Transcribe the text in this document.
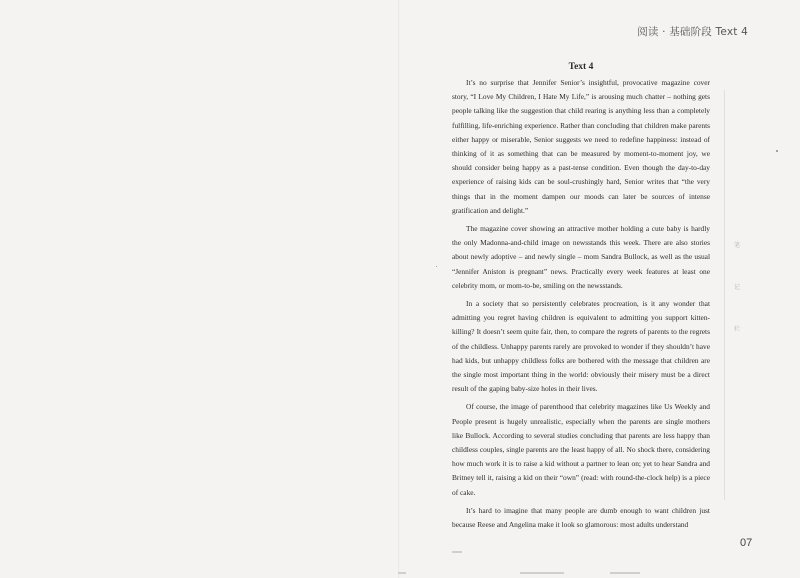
阅读 · 基础阶段 Text 4
Text 4

It’s no surprise that Jennifer Senior’s insightful, provocative magazine cover story, “I Love My Children, I Hate My Life,” is arousing much chatter – nothing gets people talking like the suggestion that child rearing is anything less than a completely fulfilling, life-enriching experience. Rather than concluding that children make parents either happy or miserable, Senior suggests we need to redefine happiness: instead of thinking of it as something that can be measured by moment-to-moment joy, we should consider being happy as a past-tense condition. Even though the day-to-day experience of raising kids can be soul-crushingly hard, Senior writes that “the very things that in the moment dampen our moods can later be sources of intense gratification and delight.”

The magazine cover showing an attractive mother holding a cute baby is hardly the only Madonna-and-child image on newsstands this week. There are also stories about newly adoptive – and newly single – mom Sandra Bullock, as well as the usual “Jennifer Aniston is pregnant” news. Practically every week features at least one celebrity mom, or mom-to-be, smiling on the newsstands.

In a society that so persistently celebrates procreation, is it any wonder that admitting you regret having children is equivalent to admitting you support kitten-killing? It doesn’t seem quite fair, then, to compare the regrets of parents to the regrets of the childless. Unhappy parents rarely are provoked to wonder if they shouldn’t have had kids, but unhappy childless folks are bothered with the message that children are the single most important thing in the world: obviously their misery must be a direct result of the gaping baby-size holes in their lives.

Of course, the image of parenthood that celebrity magazines like Us Weekly and People present is hugely unrealistic, especially when the parents are single mothers like Bullock. According to several studies concluding that parents are less happy than childless couples, single parents are the least happy of all. No shock there, considering how much work it is to raise a kid without a partner to lean on; yet to hear Sandra and Britney tell it, raising a kid on their “own” (read: with round-the-clock help) is a piece of cake.

It’s hard to imagine that many people are dumb enough to want children just because Reese and Angelina make it look so glamorous: most adults understand

笔
记
栏
07
